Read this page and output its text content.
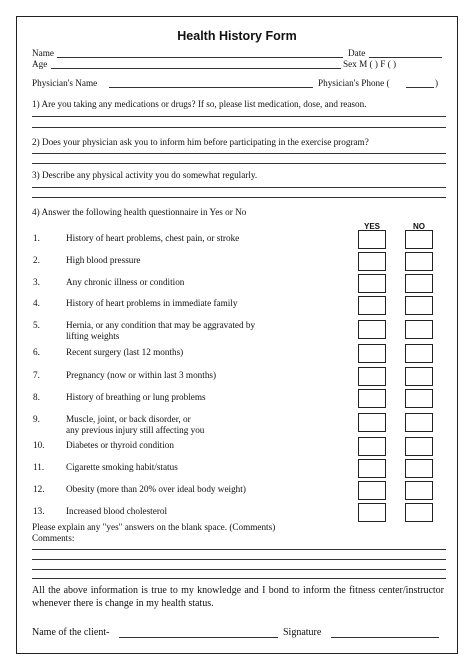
Health History Form
Name	Date
Age	Sex M ( ) F ( )
Physician's Name	Physician's Phone (	)
1) Are you taking any medications or drugs? If so, please list medication, dose, and reason.
2) Does your physician ask you to inform him before participating in the exercise program?
3) Describe any physical activity you do somewhat regularly.
4) Answer the following health questionnaire in Yes or No
YES	NO
1.	History of heart problems, chest pain, or stroke
2.	High blood pressure
3.	Any chronic illness or condition
4.	History of heart problems in immediate family
5.	Hernia, or any condition that may be aggravated by
lifting weights
6.	Recent surgery (last 12 months)
7.	Pregnancy (now or within last 3 months)
8.	History of breathing or lung problems
9.	Muscle, joint, or back disorder, or
any previous injury still affecting you
10. Diabetes or thyroid condition
11. Cigarette smoking habit/status
12. Obesity (more than 20% over ideal body weight)
13. Increased blood cholesterol
Please explain any "yes" answers on the blank space. (Comments)
Comments:
All the above information is true to my knowledge and I bond to inform the fitness center/instructor whenever there is change in my health status.
Name of the client-	Signature
